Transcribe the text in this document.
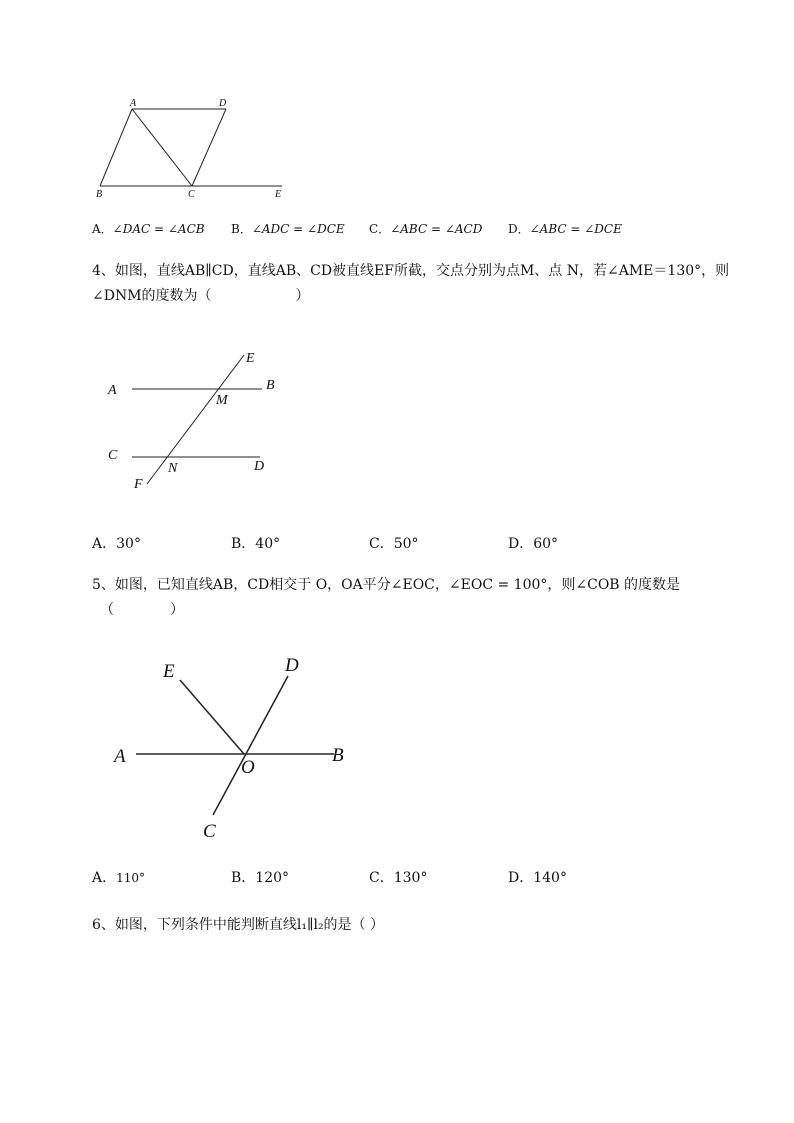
A	D
B	C	E
A．∠DAC = ∠ACB B．∠ADC = ∠DCE C．∠ABC = ∠ACD D．∠ABC = ∠DCE
4、如图，直线AB∥CD，直线AB、CD被直线EF所截，交点分别为点M、点 N，若∠AME＝130°，则
∠DNM的度数为（　　　　　　）
A	B
E
M
C
N	D
F
A．30°	B．40°	C．50°	D．60°
5、如图，已知直线AB，CD相交于 O，OA平分∠EOC，∠EOC = 100°，则∠COB 的度数是
（　　　　）
A	B
E	D
O
C
A．110°	B．120°	C．130°	D．140°
6、如图，下列条件中能判断直线l₁∥l₂的是（ ）
